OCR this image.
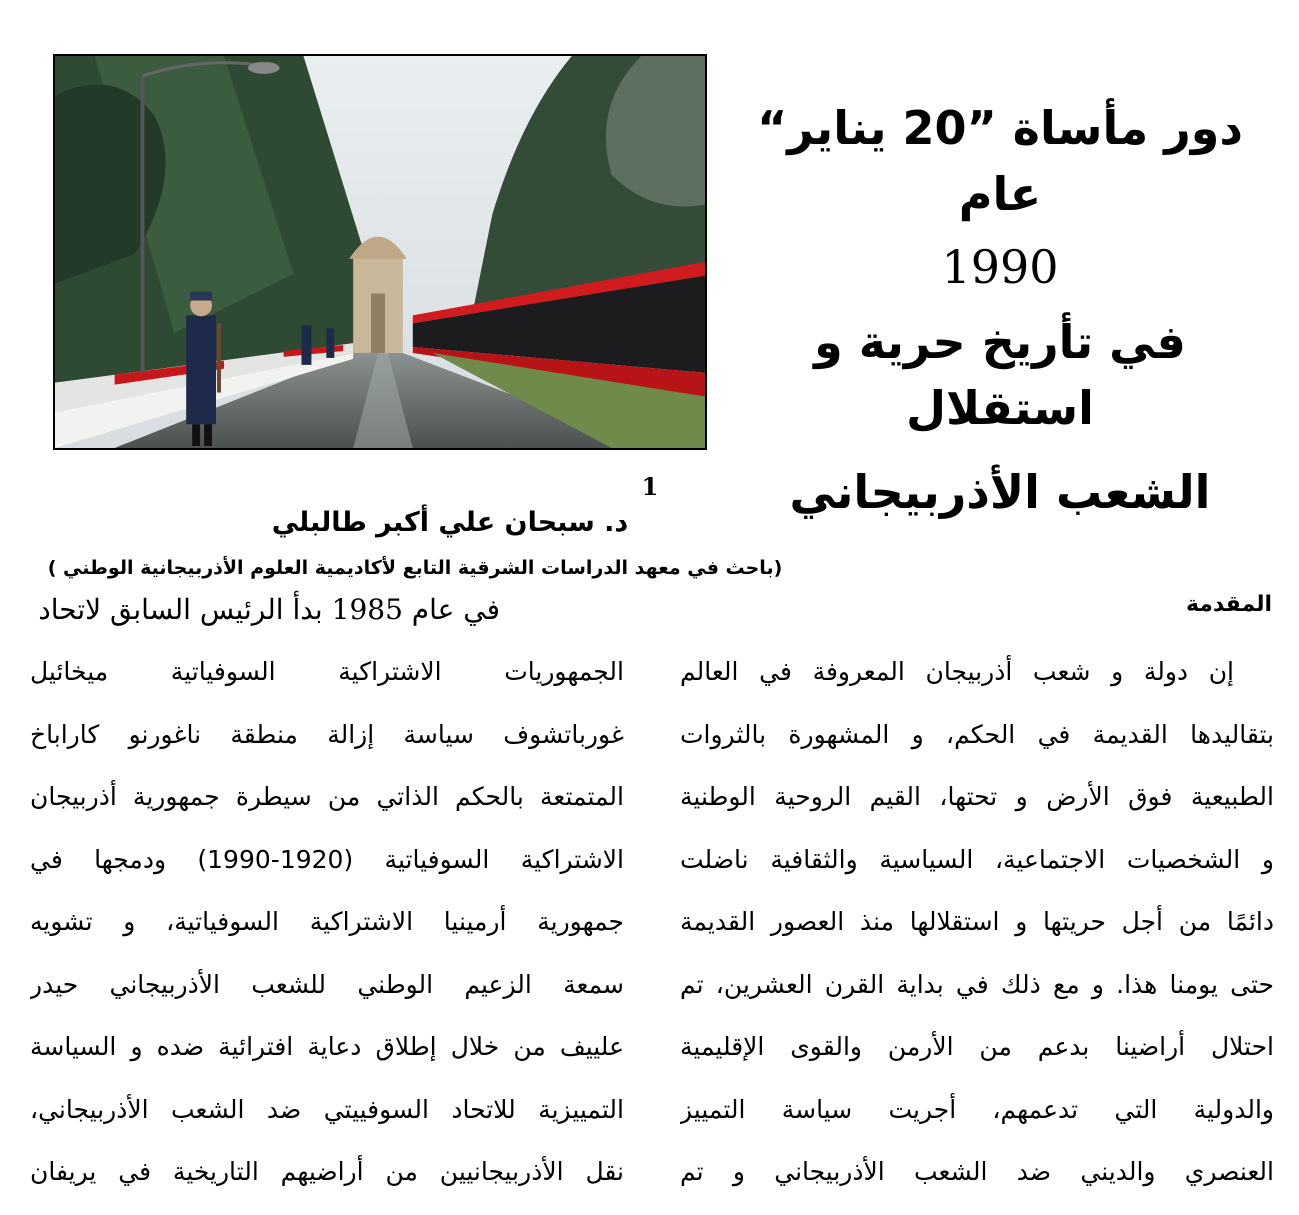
دور مأساة ”20 يناير“ عام
1990
في تأريخ حرية و استقلال
الشعب الأذربيجاني
1
د. سبحان علي أكبر طالبلي
(باحث في معهد الدراسات الشرقية التابع لأكاديمية العلوم الأذربيجانية الوطني )
المقدمة
في عام 1985 بدأ الرئيس السابق لاتحاد
إن دولة و شعب أذربيجان المعروفة في العالم
بتقاليدها القديمة في الحكم، و المشهورة بالثروات
الطبيعية فوق الأرض و تحتها، القيم الروحية الوطنية
و الشخصيات الاجتماعية، السياسية والثقافية ناضلت
دائمًا من أجل حريتها و استقلالها منذ العصور القديمة
حتى يومنا هذا. و مع ذلك في بداية القرن العشرين، تم
احتلال أراضينا بدعم من الأرمن والقوى الإقليمية
والدولية التي تدعمهم، أجريت سياسة التمييز
العنصري والديني ضد الشعب الأذربيجاني و تم
الجمهوريات الاشتراكية السوفياتية ميخائيل
غورباتشوف سياسة إزالة منطقة ناغورنو كاراباخ
المتمتعة بالحكم الذاتي من سيطرة جمهورية أذربيجان
الاشتراكية السوفياتية (1920-1990) ودمجها في
جمهورية أرمينيا الاشتراكية السوفياتية، و تشويه
سمعة الزعيم الوطني للشعب الأذربيجاني حيدر
علييف من خلال إطلاق دعاية افترائية ضده و السياسة
التمييزية للاتحاد السوفييتي ضد الشعب الأذربيجاني،
نقل الأذربيجانيين من أراضيهم التاريخية في يريفان
